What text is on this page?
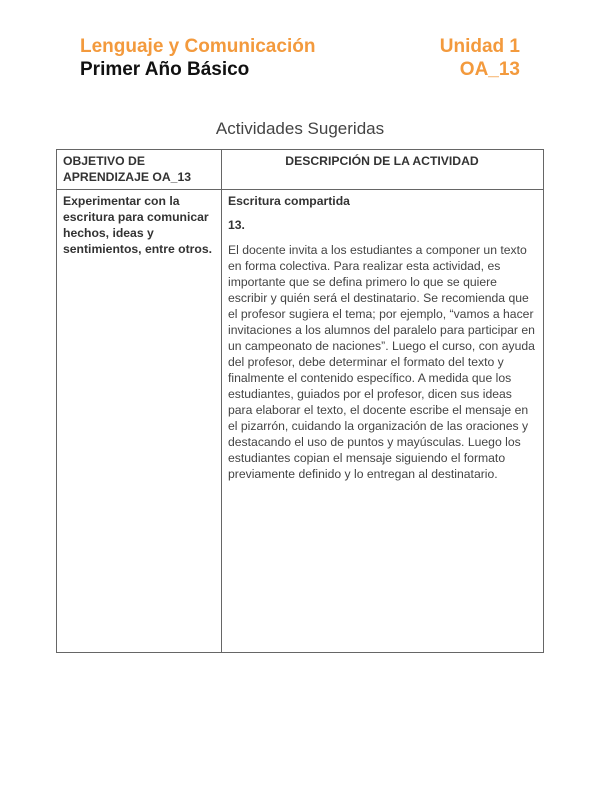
Lenguaje y Comunicación
Primer Año Básico
Unidad 1
OA_13
Actividades Sugeridas
OBJETIVO DE APRENDIZAJE OA_13	DESCRIPCIÓN DE LA ACTIVIDAD
Experimentar con la escritura para comunicar hechos, ideas y sentimientos, entre otros.	Escritura compartida
13.
El docente invita a los estudiantes a componer un texto en forma colectiva. Para realizar esta actividad, es importante que se defina primero lo que se quiere escribir y quién será el destinatario. Se recomienda que el profesor sugiera el tema; por ejemplo, “vamos a hacer invitaciones a los alumnos del paralelo para participar en un campeonato de naciones”. Luego el curso, con ayuda del profesor, debe determinar el formato del texto y finalmente el contenido específico. A medida que los estudiantes, guiados por el profesor, dicen sus ideas para elaborar el texto, el docente escribe el mensaje en el pizarrón, cuidando la organización de las oraciones y destacando el uso de puntos y mayúsculas. Luego los estudiantes copian el mensaje siguiendo el formato previamente definido y lo entregan al destinatario.
